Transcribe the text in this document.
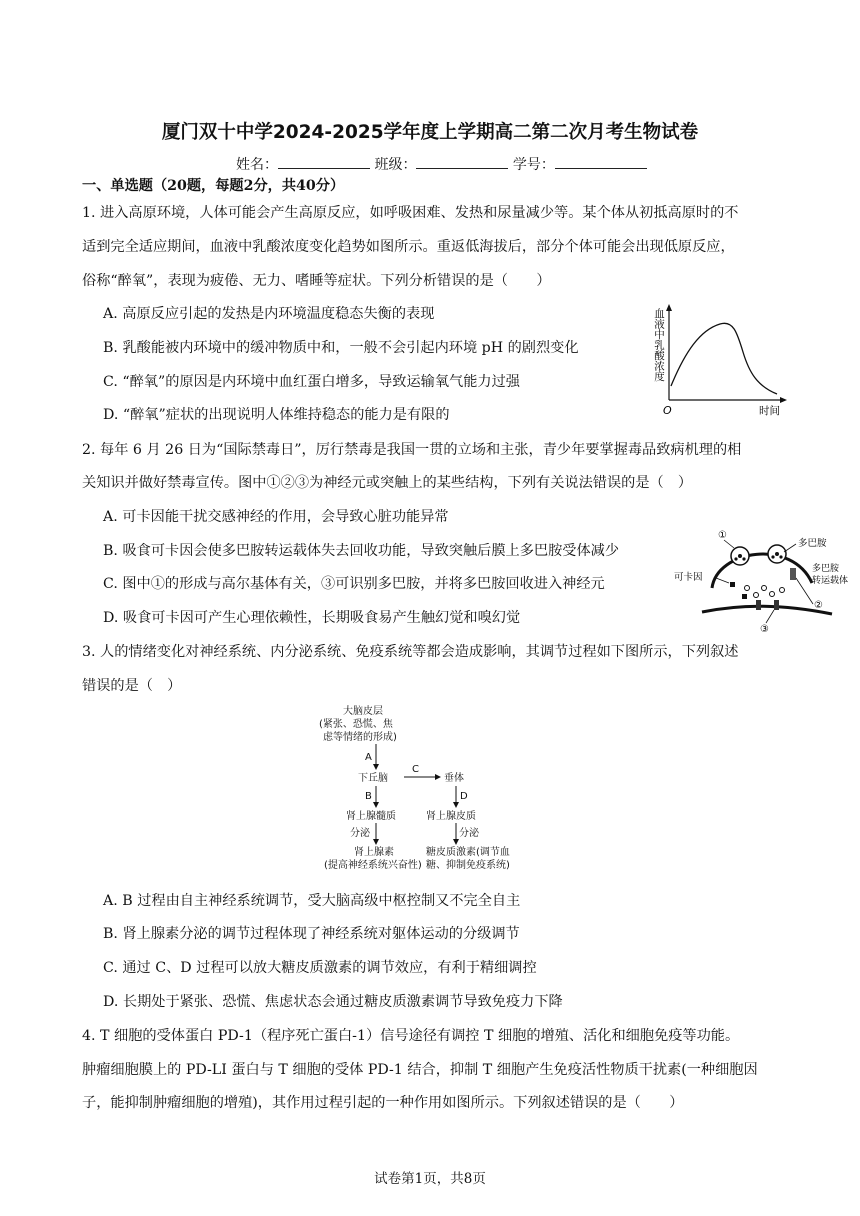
厦门双十中学2024-2025学年度上学期高二第二次月考生物试卷
姓名：	班级：	学号：
一、单选题（20题，每题2分，共40分）
1. 进入高原环境，人体可能会产生高原反应，如呼吸困难、发热和尿量减少等。某个体从初抵高原时的不
适到完全适应期间，血液中乳酸浓度变化趋势如图所示。重返低海拔后，部分个体可能会出现低原反应，
俗称“醉氧”，表现为疲倦、无力、嗜睡等症状。下列分析错误的是（　　）
A. 高原反应引起的发热是内环境温度稳态失衡的表现
B. 乳酸能被内环境中的缓冲物质中和，一般不会引起内环境 pH 的剧烈变化
C. “醉氧”的原因是内环境中血红蛋白增多，导致运输氧气能力过强
D. “醉氧”症状的出现说明人体维持稳态的能力是有限的
血液中乳酸浓度
O	时间
2. 每年 6 月 26 日为“国际禁毒日”，厉行禁毒是我国一贯的立场和主张，青少年要掌握毒品致病机理的相
关知识并做好禁毒宣传。图中①②③为神经元或突触上的某些结构，下列有关说法错误的是（　）
A. 可卡因能干扰交感神经的作用，会导致心脏功能异常
B. 吸食可卡因会使多巴胺转运载体失去回收功能，导致突触后膜上多巴胺受体减少
C. 图中①的形成与高尔基体有关，③可识别多巴胺，并将多巴胺回收进入神经元
D. 吸食可卡因可产生心理依赖性，长期吸食易产生触幻觉和嗅幻觉
①
多巴胺
多巴胺
转运载体
可卡因
②
③
3. 人的情绪变化对神经系统、内分泌系统、免疫系统等都会造成影响，其调节过程如下图所示，下列叙述
错误的是（　）
大脑皮层
(紧张、恐慌、焦
虑等情绪的形成)
A
下丘脑
C
垂体
B	D
肾上腺髓质	肾上腺皮质
分泌	分泌
肾上腺素
(提高神经系统兴奋性)
糖皮质激素(调节血
糖、抑制免疫系统)
A. B 过程由自主神经系统调节，受大脑高级中枢控制又不完全自主
B. 肾上腺素分泌的调节过程体现了神经系统对躯体运动的分级调节
C. 通过 C、D 过程可以放大糖皮质激素的调节效应，有利于精细调控
D. 长期处于紧张、恐慌、焦虑状态会通过糖皮质激素调节导致免疫力下降
4. T 细胞的受体蛋白 PD-1（程序死亡蛋白-1）信号途径有调控 T 细胞的增殖、活化和细胞免疫等功能。
肿瘤细胞膜上的 PD-LI 蛋白与 T 细胞的受体 PD-1 结合，抑制 T 细胞产生免疫活性物质干扰素(一种细胞因
子，能抑制肿瘤细胞的增殖)，其作用过程引起的一种作用如图所示。下列叙述错误的是（　　）
试卷第1页，共8页
